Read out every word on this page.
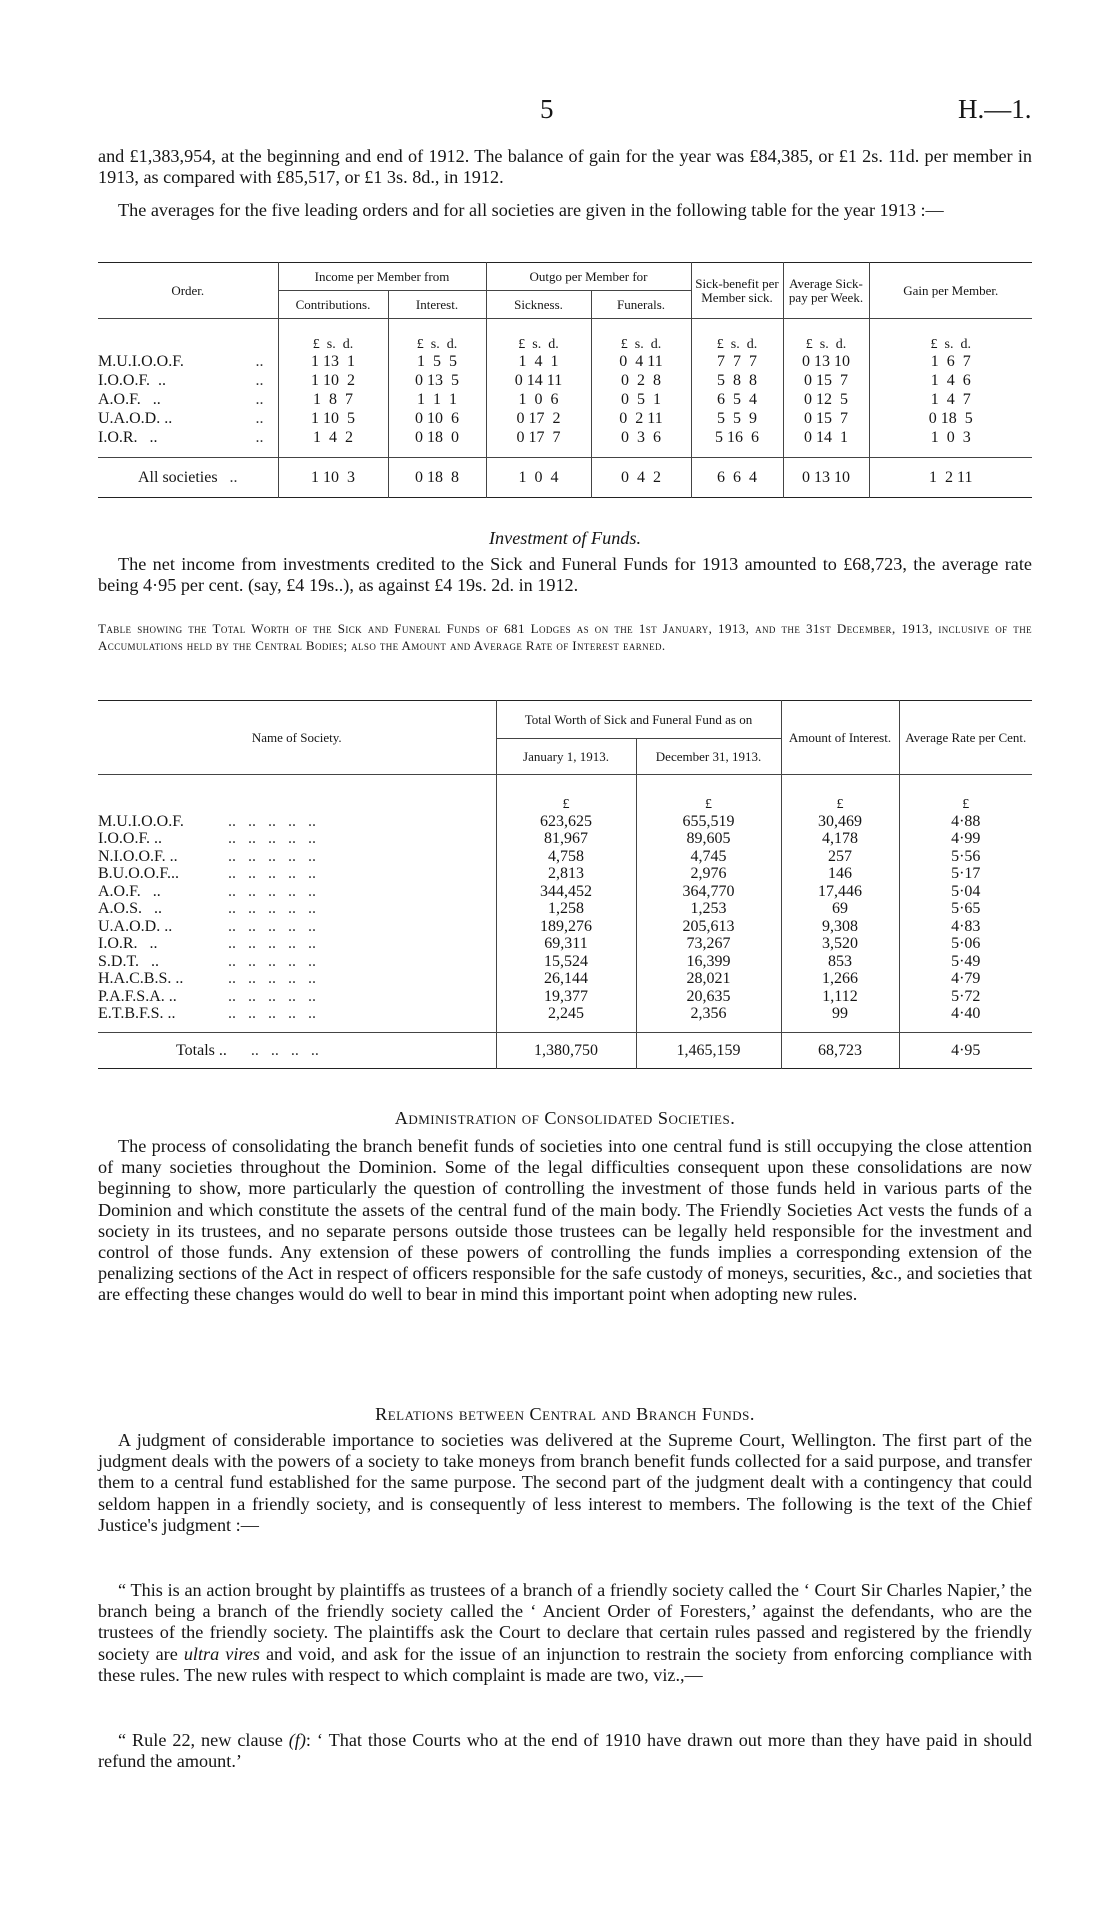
5	H.—1.

and £1,383,954, at the beginning and end of 1912. The balance of gain for the year was £84,385, or £1 2s. 11d. per member in 1913, as compared with £85,517, or £1 3s. 8d., in 1912.

The averages for the five leading orders and for all societies are given in the following table for the year 1913 :—

Order.	Income per Member from		Outgo per Member for		Sick-benefit per Member sick.	Average Sick-pay per Week.	Gain per Member.
	Contributions.	Interest.	Sickness.	Funerals.			
	£  s.  d.	£  s.  d.	£  s.  d.	£  s.  d.	£  s.  d.	£  s.  d.	£  s.  d.
M.U.I.O.O.F. ..	1 13  1	1  5  5	1  4  1	0  4 11	7  7  7	0 13 10	1  6  7
I.O.O.F.  .. ..	1 10  2	0 13  5	0 14 11	0  2  8	5  8  8	0 15  7	1  4  6
A.O.F.   .. ..	1  8  7	1  1  1	1  0  6	0  5  1	6  5  4	0 12  5	1  4  7
U.A.O.D. .. ..	1 10  5	0 10  6	0 17  2	0  2 11	5  5  9	0 15  7	0 18  5
I.O.R.   .. ..	1  4  2	0 18  0	0 17  7	0  3  6	5 16  6	0 14  1	1  0  3

All societies ..	1 10  3	0 18  8	1  0  4	0  4  2	6  6  4	0 13 10	1  2 11

Investment of Funds.

The net income from investments credited to the Sick and Funeral Funds for 1913 amounted to £68,723, the average rate being 4·95 per cent. (say, £4 19s..), as against £4 19s. 2d. in 1912.

Table showing the Total Worth of the Sick and Funeral Funds of 681 Lodges as on the 1st January, 1913, and the 31st December, 1913, inclusive of the Accumulations held by the Central Bodies; also the Amount and Average Rate of Interest earned.

Name of Society.	Total Worth of Sick and Funeral Fund as on		Amount of Interest.	Average Rate per Cent.
	January 1, 1913.	December 31, 1913.		
	£	£	£	£
M.U.I.O.O.F. ..   ..   ..   ..   ..	623,625	655,519	30,469	4·88
I.O.O.F. .. ..   ..   ..   ..   ..	81,967	89,605	4,178	4·99
N.I.O.O.F. .. ..   ..   ..   ..   ..	4,758	4,745	257	5·56
B.U.O.O.F... ..   ..   ..   ..   ..	2,813	2,976	146	5·17
A.O.F.   .. ..   ..   ..   ..   ..	344,452	364,770	17,446	5·04
A.O.S.   .. ..   ..   ..   ..   ..	1,258	1,253	69	5·65
U.A.O.D. .. ..   ..   ..   ..   ..	189,276	205,613	9,308	4·83
I.O.R.   .. ..   ..   ..   ..   ..	69,311	73,267	3,520	5·06
S.D.T.   .. ..   ..   ..   ..   ..	15,524	16,399	853	5·49
H.A.C.B.S. .. ..   ..   ..   ..   ..	26,144	28,021	1,266	4·79
P.A.F.S.A. .. ..   ..   ..   ..   ..	19,377	20,635	1,112	5·72
E.T.B.F.S. .. ..   ..   ..   ..   ..	2,245	2,356	99	4·40

Totals .. ..   ..   ..   ..	1,380,750	1,465,159	68,723	4·95

Administration of Consolidated Societies.

The process of consolidating the branch benefit funds of societies into one central fund is still occupying the close attention of many societies throughout the Dominion. Some of the legal difficulties consequent upon these consolidations are now beginning to show, more particularly the question of controlling the investment of those funds held in various parts of the Dominion and which constitute the assets of the central fund of the main body. The Friendly Societies Act vests the funds of a society in its trustees, and no separate persons outside those trustees can be legally held responsible for the investment and control of those funds. Any extension of these powers of controlling the funds implies a corresponding extension of the penalizing sections of the Act in respect of officers responsible for the safe custody of moneys, securities, &c., and societies that are effecting these changes would do well to bear in mind this important point when adopting new rules.

Relations between Central and Branch Funds.

A judgment of considerable importance to societies was delivered at the Supreme Court, Wellington. The first part of the judgment deals with the powers of a society to take moneys from branch benefit funds collected for a said purpose, and transfer them to a central fund established for the same purpose. The second part of the judgment dealt with a contingency that could seldom happen in a friendly society, and is consequently of less interest to members. The following is the text of the Chief Justice's judgment :—

“ This is an action brought by plaintiffs as trustees of a branch of a friendly society called the ‘ Court Sir Charles Napier,’ the branch being a branch of the friendly society called the ‘ Ancient Order of Foresters,’ against the defendants, who are the trustees of the friendly society. The plaintiffs ask the Court to declare that certain rules passed and registered by the friendly society are ultra vires and void, and ask for the issue of an injunction to restrain the society from enforcing compliance with these rules. The new rules with respect to which complaint is made are two, viz.,—

“ Rule 22, new clause (f): ‘ That those Courts who at the end of 1910 have drawn out more than they have paid in should refund the amount.’
